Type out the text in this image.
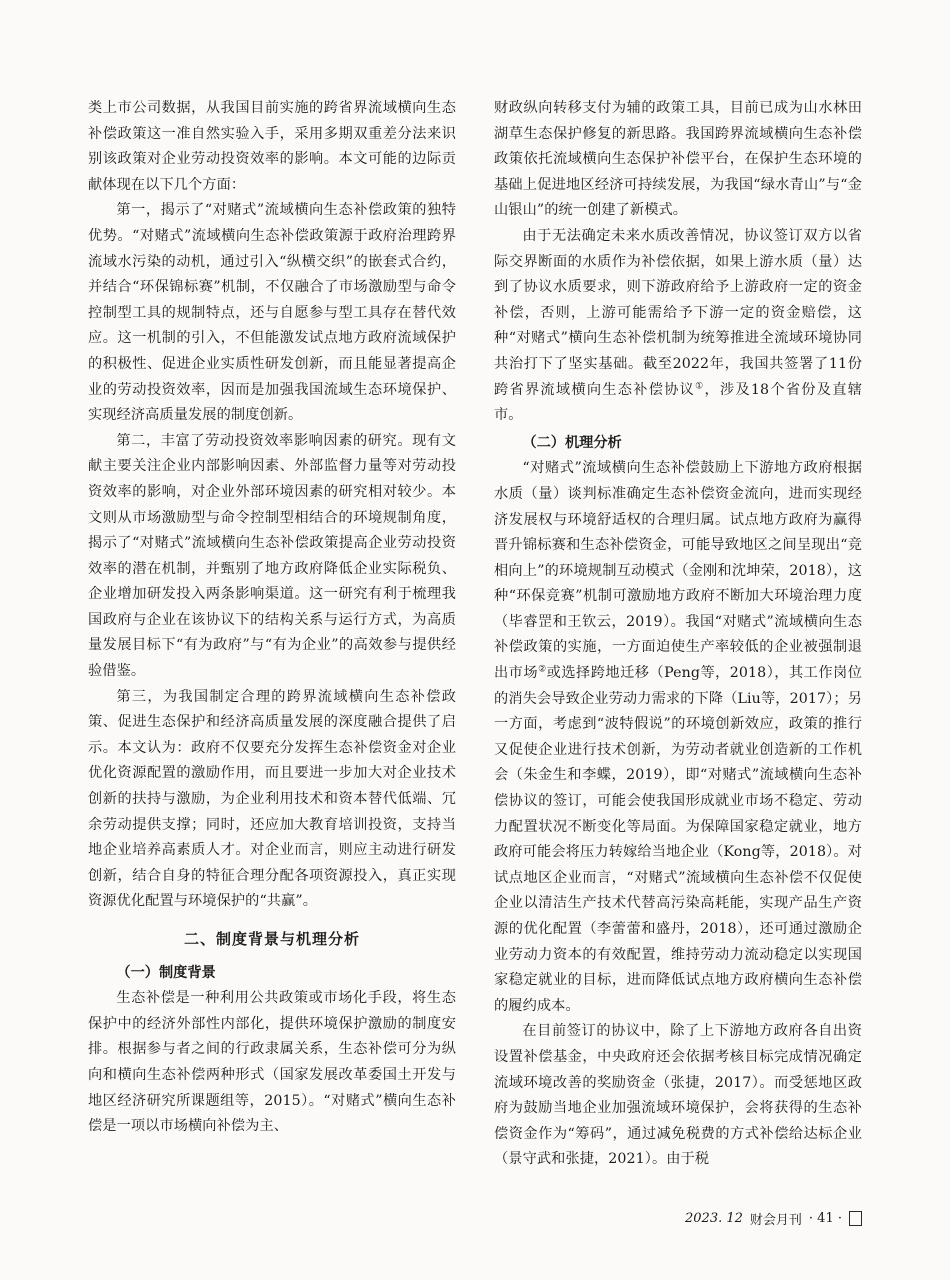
类上市公司数据，从我国目前实施的跨省界流域横向生态补偿政策这一准自然实验入手，采用多期双重差分法来识别该政策对企业劳动投资效率的影响。本文可能的边际贡献体现在以下几个方面：

第一，揭示了“对赌式”流域横向生态补偿政策的独特优势。“对赌式”流域横向生态补偿政策源于政府治理跨界流域水污染的动机，通过引入“纵横交织”的嵌套式合约，并结合“环保锦标赛”机制，不仅融合了市场激励型与命令控制型工具的规制特点，还与自愿参与型工具存在替代效应。这一机制的引入，不但能激发试点地方政府流域保护的积极性、促进企业实质性研发创新，而且能显著提高企业的劳动投资效率，因而是加强我国流域生态环境保护、实现经济高质量发展的制度创新。

第二，丰富了劳动投资效率影响因素的研究。现有文献主要关注企业内部影响因素、外部监督力量等对劳动投资效率的影响，对企业外部环境因素的研究相对较少。本文则从市场激励型与命令控制型相结合的环境规制角度，揭示了“对赌式”流域横向生态补偿政策提高企业劳动投资效率的潜在机制，并甄别了地方政府降低企业实际税负、企业增加研发投入两条影响渠道。这一研究有利于梳理我国政府与企业在该协议下的结构关系与运行方式，为高质量发展目标下“有为政府”与“有为企业”的高效参与提供经验借鉴。

第三，为我国制定合理的跨界流域横向生态补偿政策、促进生态保护和经济高质量发展的深度融合提供了启示。本文认为：政府不仅要充分发挥生态补偿资金对企业优化资源配置的激励作用，而且要进一步加大对企业技术创新的扶持与激励，为企业利用技术和资本替代低端、冗余劳动提供支撑；同时，还应加大教育培训投资，支持当地企业培养高素质人才。对企业而言，则应主动进行研发创新，结合自身的特征合理分配各项资源投入，真正实现资源优化配置与环境保护的“共赢”。

二、制度背景与机理分析
（一）制度背景

生态补偿是一种利用公共政策或市场化手段，将生态保护中的经济外部性内部化，提供环境保护激励的制度安排。根据参与者之间的行政隶属关系，生态补偿可分为纵向和横向生态补偿两种形式（国家发展改革委国土开发与地区经济研究所课题组等，2015）。“对赌式”横向生态补偿是一项以市场横向补偿为主、

财政纵向转移支付为辅的政策工具，目前已成为山水林田湖草生态保护修复的新思路。我国跨界流域横向生态补偿政策依托流域横向生态保护补偿平台，在保护生态环境的基础上促进地区经济可持续发展，为我国“绿水青山”与“金山银山”的统一创建了新模式。

由于无法确定未来水质改善情况，协议签订双方以省际交界断面的水质作为补偿依据，如果上游水质（量）达到了协议水质要求，则下游政府给予上游政府一定的资金补偿，否则，上游可能需给予下游一定的资金赔偿，这种“对赌式”横向生态补偿机制为统筹推进全流域环境协同共治打下了坚实基础。截至2022年，我国共签署了11份跨省界流域横向生态补偿协议①，涉及18个省份及直辖市。

（二）机理分析

“对赌式”流域横向生态补偿鼓励上下游地方政府根据水质（量）谈判标准确定生态补偿资金流向，进而实现经济发展权与环境舒适权的合理归属。试点地方政府为赢得晋升锦标赛和生态补偿资金，可能导致地区之间呈现出“竞相向上”的环境规制互动模式（金刚和沈坤荣，2018），这种“环保竞赛”机制可激励地方政府不断加大环境治理力度（毕睿罡和王钦云，2019）。我国“对赌式”流域横向生态补偿政策的实施，一方面迫使生产率较低的企业被强制退出市场②或选择跨地迁移（Peng等，2018），其工作岗位的消失会导致企业劳动力需求的下降（Liu等，2017）；另一方面，考虑到“波特假说”的环境创新效应，政策的推行又促使企业进行技术创新，为劳动者就业创造新的工作机会（朱金生和李蝶，2019），即“对赌式”流域横向生态补偿协议的签订，可能会使我国形成就业市场不稳定、劳动力配置状况不断变化等局面。为保障国家稳定就业，地方政府可能会将压力转嫁给当地企业（Kong等，2018）。对试点地区企业而言，“对赌式”流域横向生态补偿不仅促使企业以清洁生产技术代替高污染高耗能，实现产品生产资源的优化配置（李蕾蕾和盛丹，2018），还可通过激励企业劳动力资本的有效配置，维持劳动力流动稳定以实现国家稳定就业的目标，进而降低试点地方政府横向生态补偿的履约成本。

在目前签订的协议中，除了上下游地方政府各自出资设置补偿基金，中央政府还会依据考核目标完成情况确定流域环境改善的奖励资金（张捷，2017）。而受惩地区政府为鼓励当地企业加强流域环境保护，会将获得的生态补偿资金作为“筹码”，通过减免税费的方式补偿给达标企业（景守武和张捷，2021）。由于税

2023. 12 财会月刊 · 41 ·
